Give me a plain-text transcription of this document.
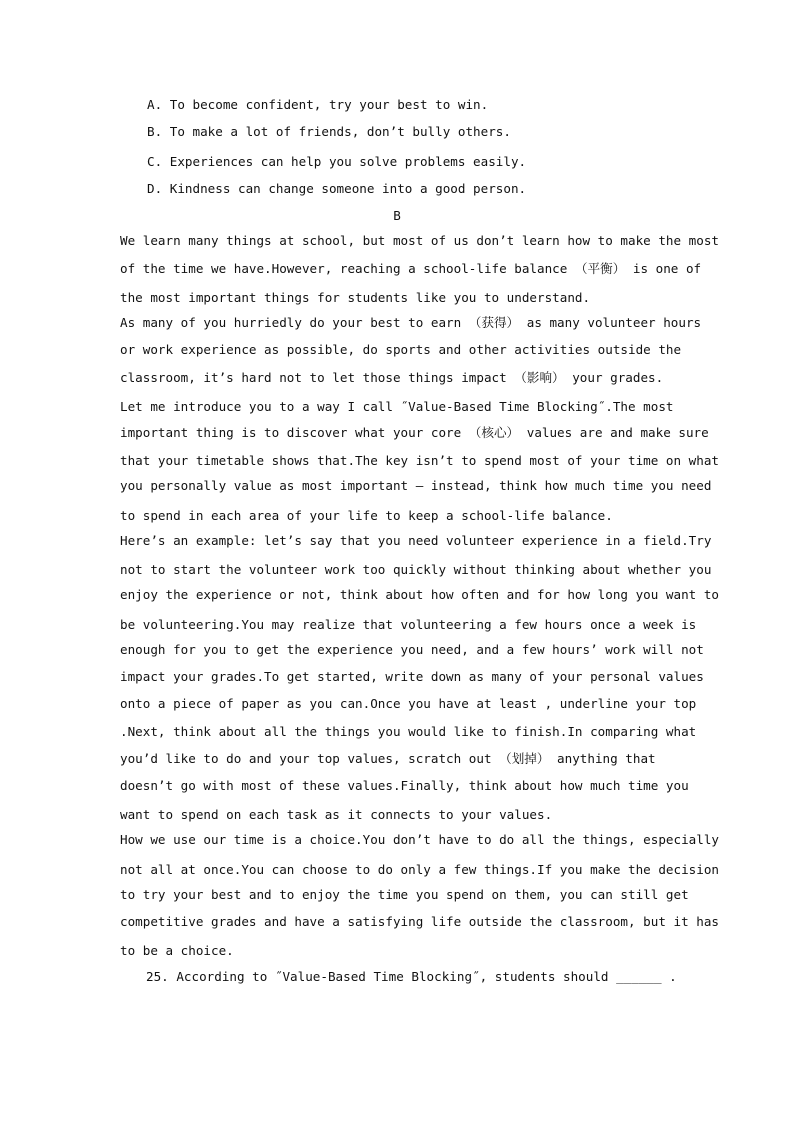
A. To become confident, try your best to win.
B. To make a lot of friends, don’t bully others.
C. Experiences can help you solve problems easily.
D. Kindness can change someone into a good person.
B
We learn many things at school, but most of us don’t learn how to make the most
of the time we have.However, reaching a school-life balance （平衡） is one of
the most important things for students like you to understand.
As many of you hurriedly do your best to earn （获得） as many volunteer hours
or work experience as possible, do sports and other activities outside the
classroom, it’s hard not to let those things impact （影响） your grades.
Let me introduce you to a way I call ˝Value-Based Time Blocking˝.The most
important thing is to discover what your core （核心） values are and make sure
that your timetable shows that.The key isn’t to spend most of your time on what
you personally value as most important — instead, think how much time you need
to spend in each area of your life to keep a school-life balance.
Here’s an example: let’s say that you need volunteer experience in a field.Try
not to start the volunteer work too quickly without thinking about whether you
enjoy the experience or not, think about how often and for how long you want to
be volunteering.You may realize that volunteering a few hours once a week is
enough for you to get the experience you need, and a few hours’ work will not
impact your grades.To get started, write down as many of your personal values
onto a piece of paper as you can.Once you have at least , underline your top
.Next, think about all the things you would like to finish.In comparing what
you’d like to do and your top values, scratch out （划掉） anything that
doesn’t go with most of these values.Finally, think about how much time you
want to spend on each task as it connects to your values.
How we use our time is a choice.You don’t have to do all the things, especially
not all at once.You can choose to do only a few things.If you make the decision
to try your best and to enjoy the time you spend on them, you can still get
competitive grades and have a satisfying life outside the classroom, but it has
to be a choice.
25. According to ˝Value-Based Time Blocking˝, students should ______ .
